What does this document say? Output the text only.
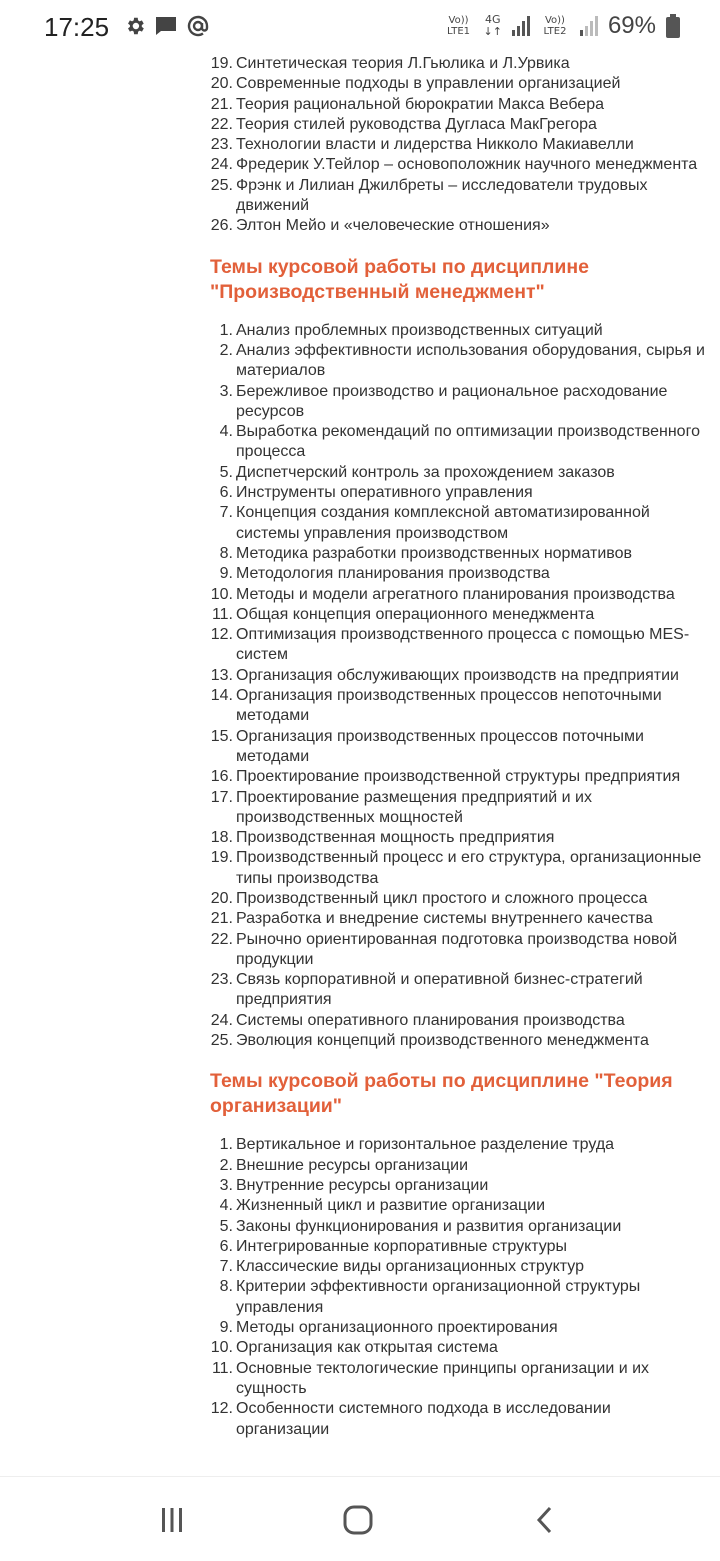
17:25	Vo)) LTE1
4G
↓↑
Vo)) LTE2 69%
19. Синтетическая теория Л.Гьюлика и Л.Урвика
20. Современные подходы в управлении организацией
21. Теория рациональной бюрократии Макса Вебера
22. Теория стилей руководства Дугласа МакГрегора
23. Технологии власти и лидерства Никколо Макиавелли
24. Фредерик У.Тейлор – основоположник научного менеджмента
25. Фрэнк и Лилиан Джилбреты – исследователи трудовых движений
26. Элтон Мейо и «человеческие отношения»
Темы курсовой работы по дисциплине "Производственный менеджмент"
1. Анализ проблемных производственных ситуаций
2. Анализ эффективности использования оборудования, сырья и материалов
3. Бережливое производство и рациональное расходование ресурсов
4. Выработка рекомендаций по оптимизации производственного процесса
5. Диспетчерский контроль за прохождением заказов
6. Инструменты оперативного управления
7. Концепция создания комплексной автоматизированной системы управления производством
8. Методика разработки производственных нормативов
9. Методология планирования производства
10. Методы и модели агрегатного планирования производства
11. Общая концепция операционного менеджмента
12. Оптимизация производственного процесса с помощью MES-систем
13. Организация обслуживающих производств на предприятии
14. Организация производственных процессов непоточными методами
15. Организация производственных процессов поточными методами
16. Проектирование производственной структуры предприятия
17. Проектирование размещения предприятий и их производственных мощностей
18. Производственная мощность предприятия
19. Производственный процесс и его структура, организационные типы производства
20. Производственный цикл простого и сложного процесса
21. Разработка и внедрение системы внутреннего качества
22. Рыночно ориентированная подготовка производства новой продукции
23. Связь корпоративной и оперативной бизнес-стратегий предприятия
24. Системы оперативного планирования производства
25. Эволюция концепций производственного менеджмента
Темы курсовой работы по дисциплине "Теория организации"
1. Вертикальное и горизонтальное разделение труда
2. Внешние ресурсы организации
3. Внутренние ресурсы организации
4. Жизненный цикл и развитие организации
5. Законы функционирования и развития организации
6. Интегрированные корпоративные структуры
7. Классические виды организационных структур
8. Критерии эффективности организационной структуры управления
9. Методы организационного проектирования
10. Организация как открытая система
11. Основные тектологические принципы организации и их сущность
12. Особенности системного подхода в исследовании организации
